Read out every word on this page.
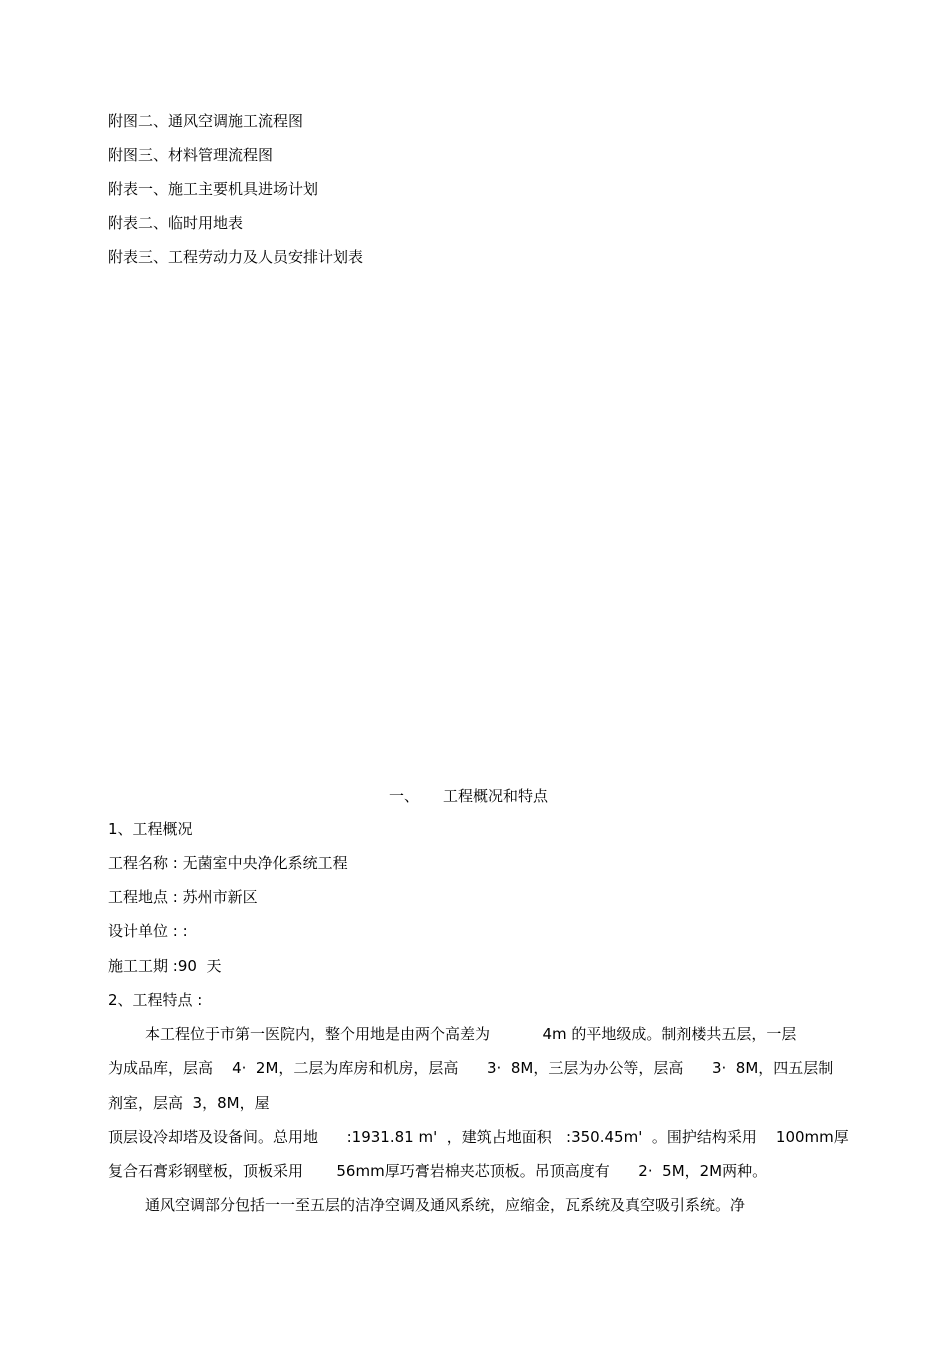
附图二、通风空调施工流程图
附图三、材料管理流程图
附表一、施工主要机具进场计划
附表二、临时用地表
附表三、工程劳动力及人员安排计划表
一、 工程概况和特点
1、工程概况
工程名称 : 无菌室中央净化系统工程
工程地点 : 苏州市新区
设计单位 : :
施工工期 :90  天
2、工程特点 :
本工程位于市第一医院内，整个用地是由两个高差为           4m 的平地级成。制剂楼共五层，一层
为成品库，层高    4·  2M，二层为库房和机房，层高      3·  8M，三层为办公等，层高      3·  8M，四五层制
剂室，层高  3，8M，屋
顶层设冷却塔及设备间。总用地      :1931.81 m'  ，建筑占地面积   :350.45m'  。围护结构采用    100mm厚
复合石膏彩钢壁板，顶板采用       56mm厚巧膏岩棉夹芯顶板。吊顶高度有      2·  5M，2M两种。
通风空调部分包括一一至五层的洁净空调及通风系统，应缩金，瓦系统及真空吸引系统。净
